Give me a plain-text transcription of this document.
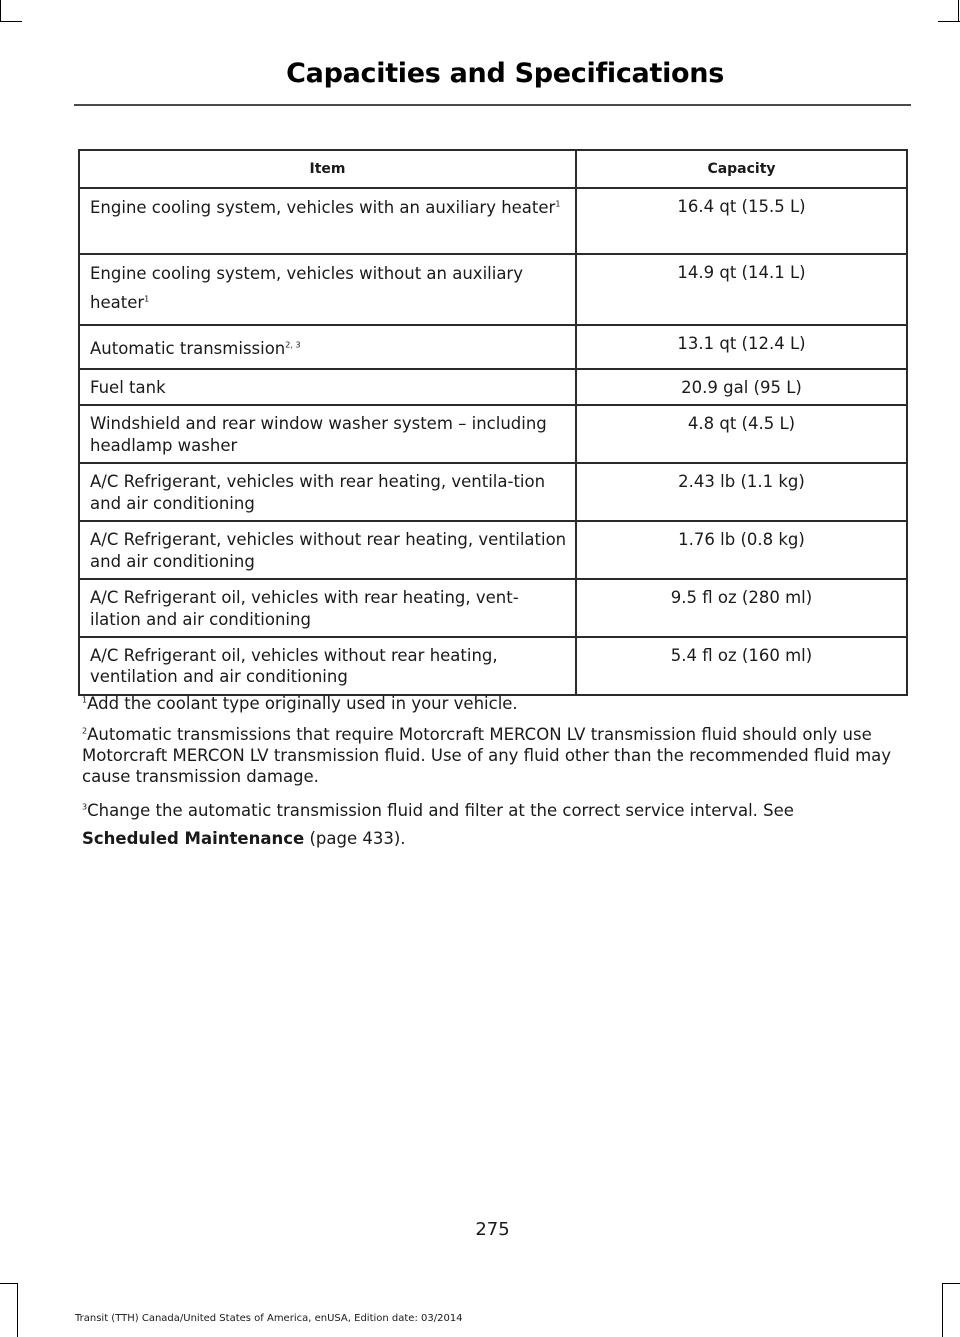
Capacities and Specifications
Item	Capacity
Engine cooling system, vehicles with an auxiliary heater$^1$	16.4 qt (15.5 L)
Engine cooling system, vehicles without an auxiliary heater$^1$	14.9 qt (14.1 L)
Automatic transmission$^{2, 3}$	13.1 qt (12.4 L)
Fuel tank	20.9 gal (95 L)
Windshield and rear window washer system – including headlamp washer	4.8 qt (4.5 L)
A/C Refrigerant, vehicles with rear heating, ventila-tion and air conditioning	2.43 lb (1.1 kg)
A/C Refrigerant, vehicles without rear heating, ventilation and air conditioning	1.76 lb (0.8 kg)
A/C Refrigerant oil, vehicles with rear heating, vent-ilation and air conditioning	9.5 fl oz (280 ml)
A/C Refrigerant oil, vehicles without rear heating, ventilation and air conditioning	5.4 fl oz (160 ml)

$^1$Add the coolant type originally used in your vehicle.

$^2$Automatic transmissions that require Motorcraft MERCON LV transmission fluid should only use Motorcraft MERCON LV transmission fluid. Use of any fluid other than the recommended fluid may cause transmission damage.

$^3$Change the automatic transmission fluid and filter at the correct service interval. See
Scheduled Maintenance (page 433).

275
Transit (TTH) Canada/United States of America, enUSA, Edition date: 03/2014
